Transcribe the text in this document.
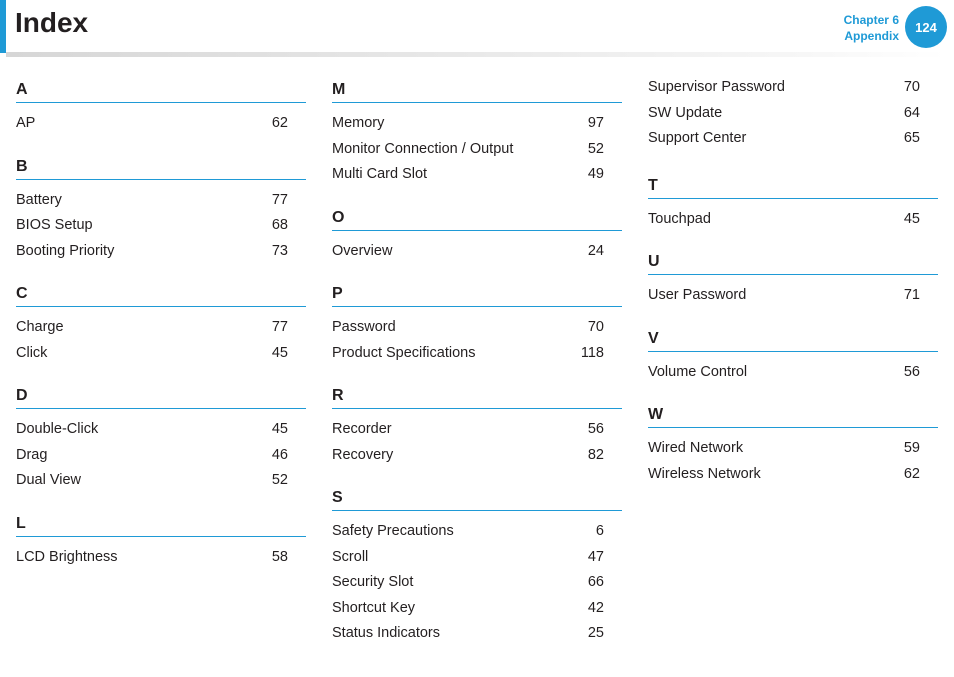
Index	Chapter 6
Appendix
124
A
AP	62
B
Battery	77
BIOS Setup	68
Booting Priority	73
C
Charge	77
Click	45
D
Double-Click	45
Drag	46
Dual View	52
L
LCD Brightness	58
M
Memory	97
Monitor Connection / Output	52
Multi Card Slot	49
O
Overview	24
P
Password	70
Product Specifications	118
R
Recorder	56
Recovery	82
S
Safety Precautions	6
Scroll	47
Security Slot	66
Shortcut Key	42
Status Indicators	25
Supervisor Password	70
SW Update	64
Support Center	65
T
Touchpad	45
U
User Password	71
V
Volume Control	56
W
Wired Network	59
Wireless Network	62
